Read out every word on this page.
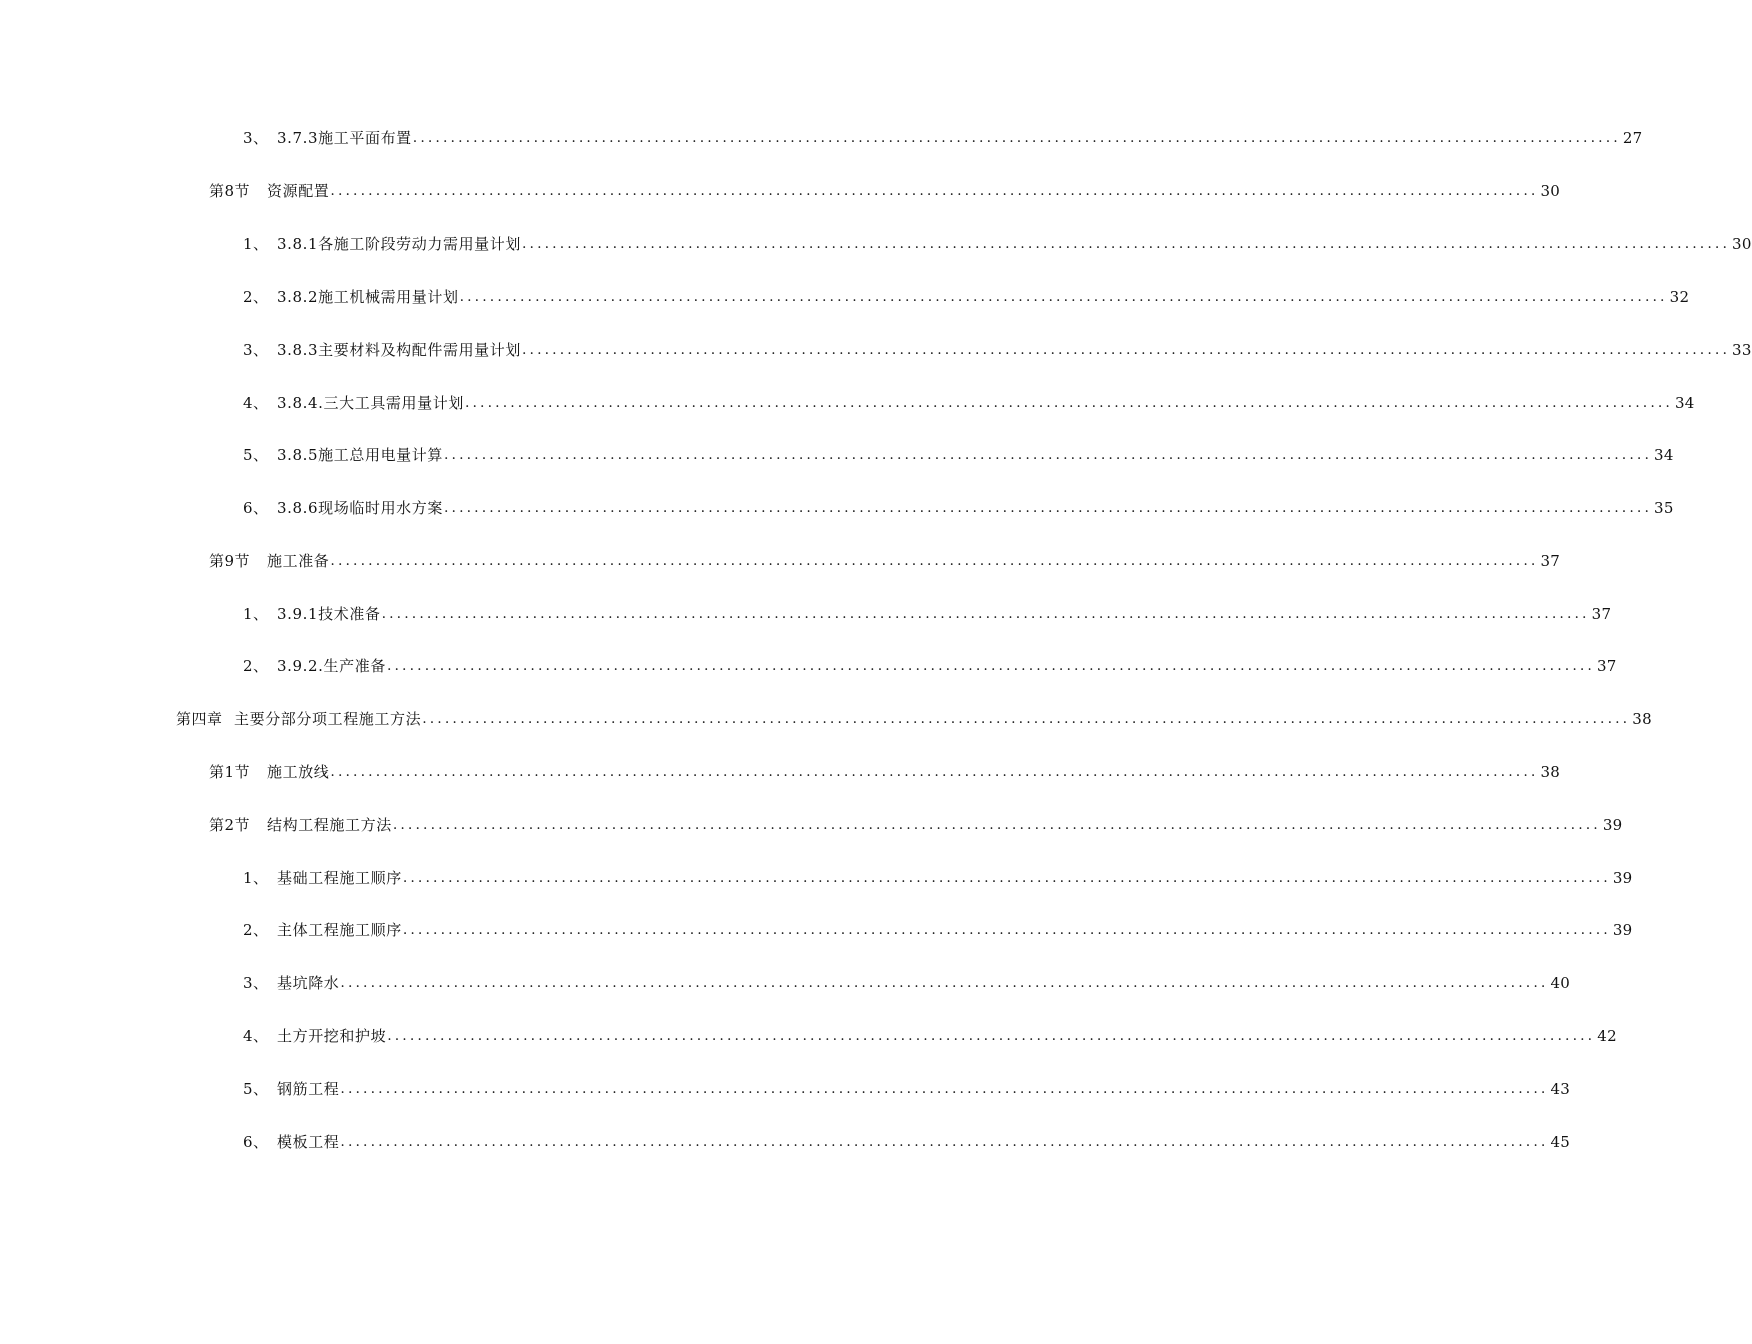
3、 3.7.3施工平面布置 ................................................................................................................................................................ 27
第8节	资源配置 ................................................................................................................................................................ 30
1、 3.8.1各施工阶段劳动力需用量计划 ................................................................................................................................................................ 30
2、 3.8.2施工机械需用量计划 ................................................................................................................................................................ 32
3、 3.8.3主要材料及构配件需用量计划 ................................................................................................................................................................ 33
4、 3.8.4.三大工具需用量计划 ................................................................................................................................................................ 34
5、 3.8.5施工总用电量计算 ................................................................................................................................................................ 34
6、 3.8.6现场临时用水方案 ................................................................................................................................................................ 35
第9节	施工准备 ................................................................................................................................................................ 37
1、 3.9.1技术准备 ................................................................................................................................................................ 37
2、 3.9.2.生产准备 ................................................................................................................................................................ 37
第四章 主要分部分项工程施工方法 ................................................................................................................................................................ 38
第1节	施工放线 ................................................................................................................................................................ 38
第2节	结构工程施工方法 ................................................................................................................................................................ 39
1、 基础工程施工顺序 ................................................................................................................................................................ 39
2、 主体工程施工顺序 ................................................................................................................................................................ 39
3、 基坑降水 ................................................................................................................................................................ 40
4、 土方开挖和护坡 ................................................................................................................................................................ 42
5、 钢筋工程 ................................................................................................................................................................ 43
6、 模板工程 ................................................................................................................................................................ 45
